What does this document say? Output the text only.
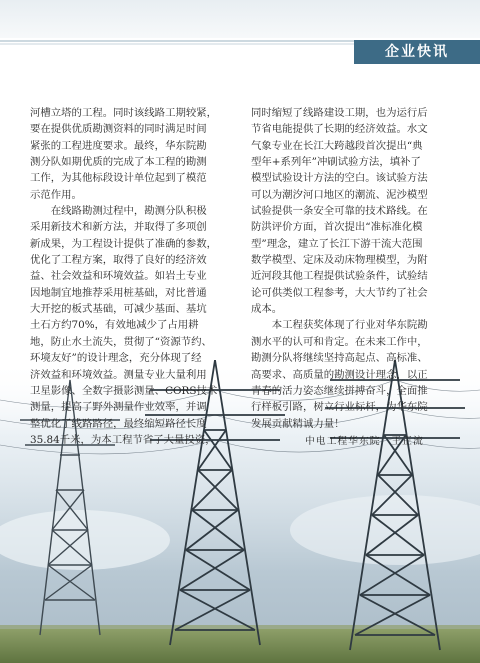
企业快讯

河槽立塔的工程。同时该线路工期较紧，
要在提供优质勘测资料的同时满足时间
紧张的工程进度要求。最终，华东院勘
测分队如期优质的完成了本工程的勘测
工作，为其他标段设计单位起到了模范
示范作用。

　　在线路勘测过程中，勘测分队积极
采用新技术和新方法，并取得了多项创
新成果，为工程设计提供了准确的参数，
优化了工程方案，取得了良好的经济效
益、社会效益和环境效益。如岩土专业
因地制宜地推荐采用桩基础，对比普通
大开挖的板式基础，可减少基面、基坑
土石方约70%，有效地减少了占用耕
地，防止水土流失，贯彻了“资源节约、
环境友好”的设计理念，充分体现了经
济效益和环境效益。测量专业大量利用
卫星影像、全数字摄影测量、CORS技术
测量，提高了野外测量作业效率，并调
整优化了线路路径，最终缩短路径长度
35.84千米，为本工程节省了大量投资，

同时缩短了线路建设工期，也为运行后
节省电能提供了长期的经济效益。水文
气象专业在长江大跨越段首次提出“典
型年+系列年”冲刷试验方法，填补了
模型试验设计方法的空白。该试验方法
可以为潮汐河口地区的潮流、泥沙模型
试验提供一条安全可靠的技术路线。在
防洪评价方面，首次提出“准标准化模
型”理念，建立了长江下游干流大范围
数学模型、定床及动床物理模型，为附
近河段其他工程提供试验条件，试验结
论可供类似工程参考，大大节约了社会
成本。

　　本工程获奖体现了行业对华东院勘
测水平的认可和肯定。在未来工作中，
勘测分队将继续坚持高起点、高标准、
高要求、高质量的勘测设计理念，以正
青春的活力姿态继续拼搏奋斗，全面推
行样板引路，树立行业标杆，为华东院
发展贡献精诚力量！

中电工程华东院　王正流
